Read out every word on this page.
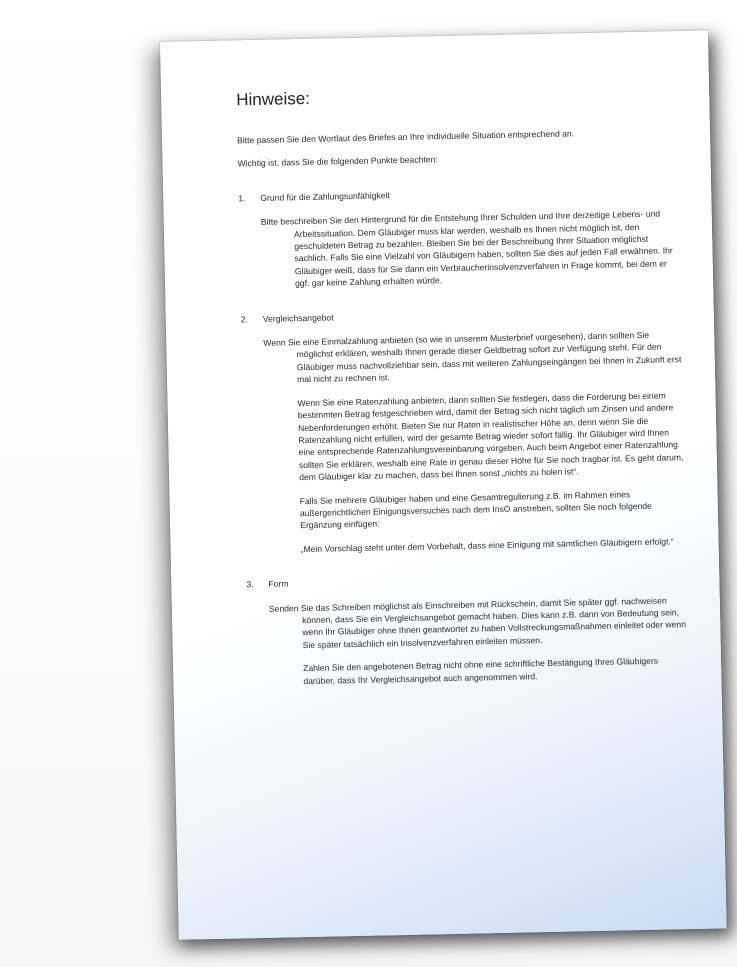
Hinweise:

Bitte passen Sie den Wortlaut des Briefes an Ihre individuelle Situation entsprechend an.

Wichtig ist, dass Sie die folgenden Punkte beachten:

1.	Grund für die Zahlungsunfähigkeit

Bitte beschreiben Sie den Hintergrund für die Entstehung Ihrer Schulden und Ihre derzeitige Lebens- und Arbeitssituation. Dem Gläubiger muss klar werden, weshalb es Ihnen nicht möglich ist, den geschuldeten Betrag zu bezahlen. Bleiben Sie bei der Beschreibung Ihrer Situation möglichst sachlich. Falls Sie eine Vielzahl von Gläubigern haben, sollten Sie dies auf jeden Fall erwähnen. Ihr Gläubiger weiß, dass für Sie dann ein Verbraucherinsolvenzverfahren in Frage kommt, bei dem er ggf. gar keine Zahlung erhalten würde.

2.	Vergleichsangebot

Wenn Sie eine Einmalzahlung anbieten (so wie in unserem Musterbrief vorgesehen), dann sollten Sie möglichst erklären, weshalb Ihnen gerade dieser Geldbetrag sofort zur Verfügung steht. Für den Gläubiger muss nachvollziehbar sein, dass mit weiteren Zahlungseingängen bei Ihnen in Zukunft erst mal nicht zu rechnen ist.

Wenn Sie eine Ratenzahlung anbieten, dann sollten Sie festlegen, dass die Forderung bei einem bestimmten Betrag festgeschrieben wird, damit der Betrag sich nicht täglich um Zinsen und andere Nebenforderungen erhöht. Bieten Sie nur Raten in realistischer Höhe an, denn wenn Sie die Ratenzahlung nicht erfüllen, wird der gesamte Betrag wieder sofort fällig. Ihr Gläubiger wird Ihnen eine entsprechende Ratenzahlungsvereinbarung vorgeben. Auch beim Angebot einer Ratenzahlung sollten Sie erklären, weshalb eine Rate in genau dieser Höhe für Sie noch tragbar ist. Es geht darum, dem Gläubiger klar zu machen, dass bei Ihnen sonst „nichts zu holen ist“.

Falls Sie mehrere Gläubiger haben und eine Gesamtregulierung z.B. im Rahmen eines außergerichtlichen Einigungsversuches nach dem InsO anstreben, sollten Sie noch folgende Ergänzung einfügen:

„Mein Vorschlag steht unter dem Vorbehalt, dass eine Einigung mit sämtlichen Gläubigern erfolgt.“

3.	Form

Senden Sie das Schreiben möglichst als Einschreiben mit Rückschein, damit Sie später ggf. nachweisen können, dass Sie ein Vergleichsangebot gemacht haben. Dies kann z.B. dann von Bedeutung sein, wenn Ihr Gläubiger ohne Ihnen geantwortet zu haben Vollstreckungsmaßnahmen einleitet oder wenn Sie später tatsächlich ein Insolvenzverfahren einleiten müssen.

Zahlen Sie den angebotenen Betrag nicht ohne eine schriftliche Bestätigung Ihres Gläubigers darüber, dass Ihr Vergleichsangebot auch angenommen wird.
